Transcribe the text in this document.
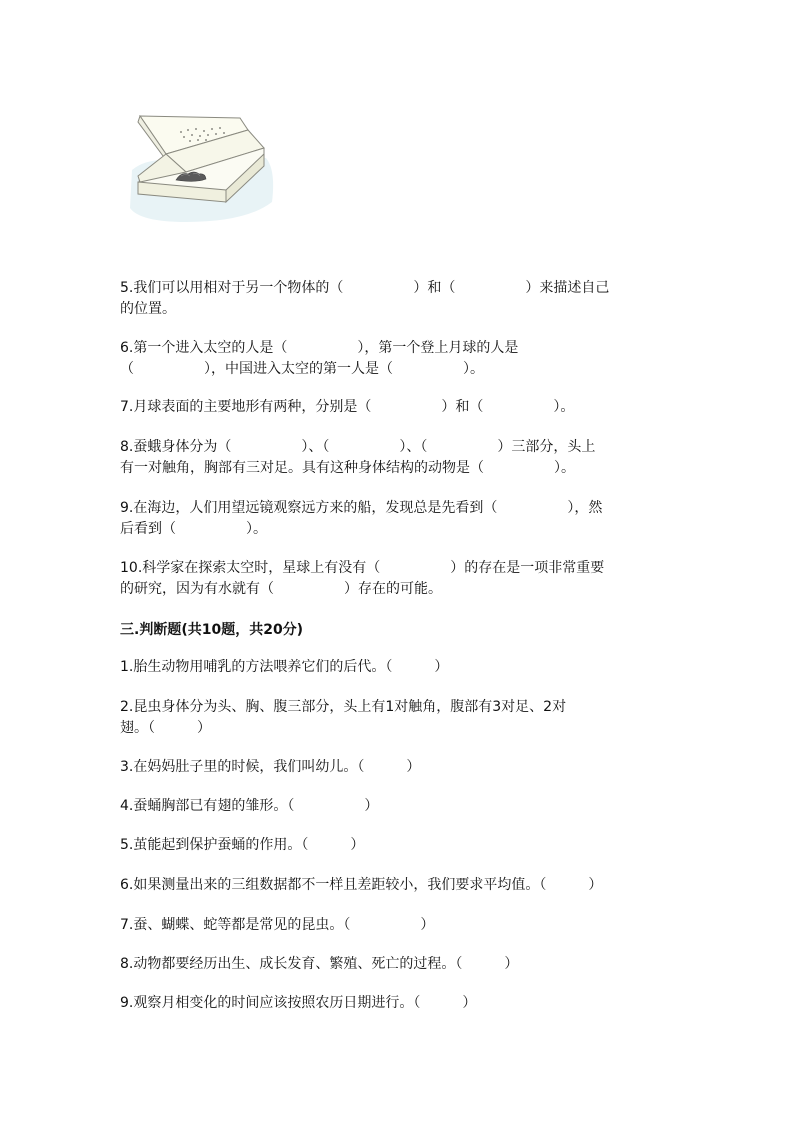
5.我们可以用相对于另一个物体的（　　　　　）和（　　　　　）来描述自己
的位置。
6.第一个进入太空的人是（　　　　　），第一个登上月球的人是
（　　　　　），中国进入太空的第一人是（　　　　　）。
7.月球表面的主要地形有两种，分别是（　　　　　）和（　　　　　）。
8.蚕蛾身体分为（　　　　　）、（　　　　　）、（　　　　　）三部分，头上
有一对触角，胸部有三对足。具有这种身体结构的动物是（　　　　　）。
9.在海边，人们用望远镜观察远方来的船，发现总是先看到（　　　　　），然
后看到（　　　　　）。
10.科学家在探索太空时，星球上有没有（　　　　　）的存在是一项非常重要
的研究，因为有水就有（　　　　　）存在的可能。
三.判断题(共10题，共20分)
1.胎生动物用哺乳的方法喂养它们的后代。（　　　）
2.昆虫身体分为头、胸、腹三部分，头上有1对触角，腹部有3对足、2对
翅。（　　　）
3.在妈妈肚子里的时候，我们叫幼儿。（　　　）
4.蚕蛹胸部已有翅的雏形。（　　　　　）
5.茧能起到保护蚕蛹的作用。（　　　）
6.如果测量出来的三组数据都不一样且差距较小，我们要求平均值。（　　　）
7.蚕、蝴蝶、蛇等都是常见的昆虫。（　　　　　）
8.动物都要经历出生、成长发育、繁殖、死亡的过程。（　　　）
9.观察月相变化的时间应该按照农历日期进行。（　　　）
